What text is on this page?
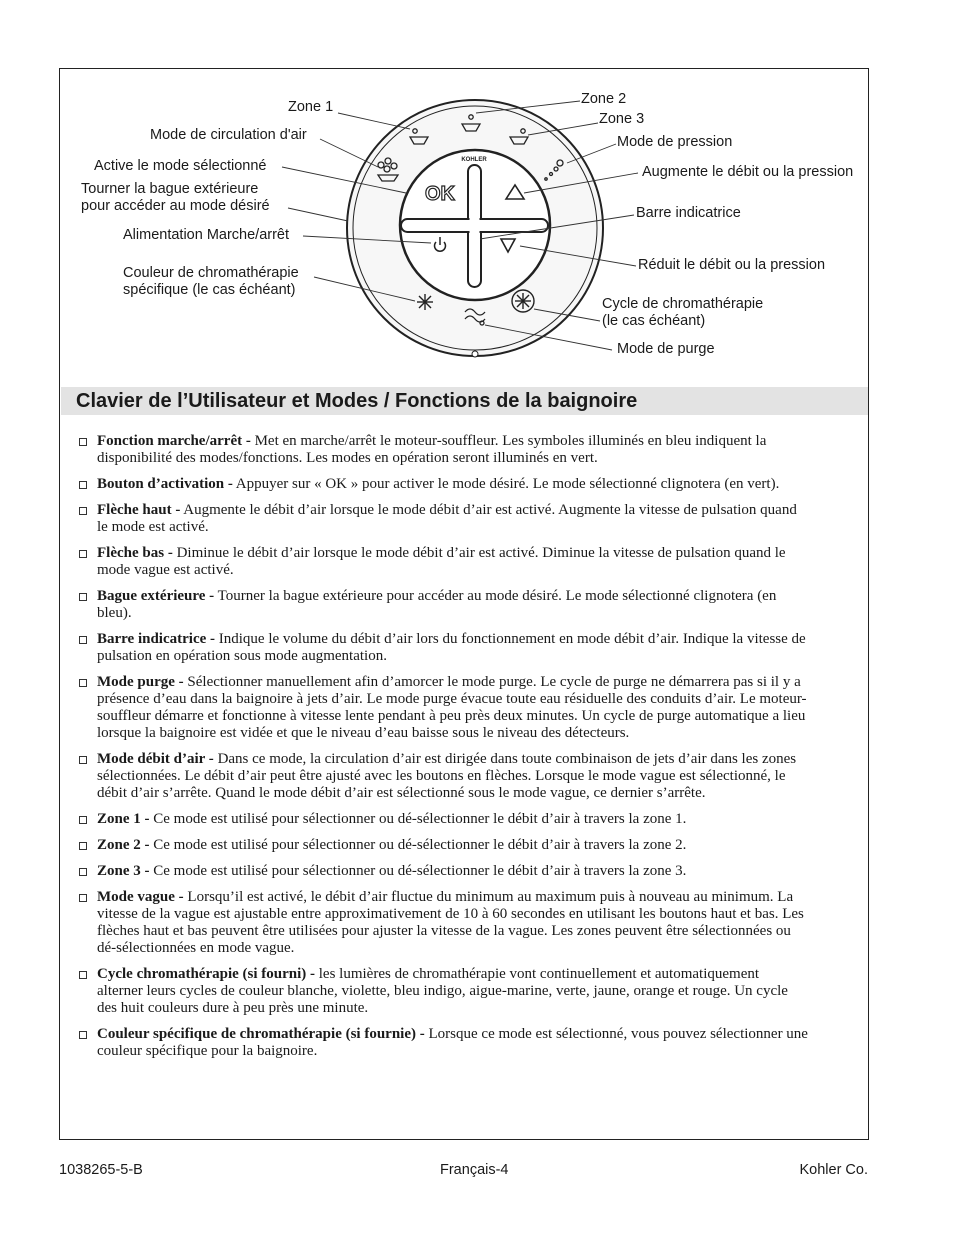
OK
KOHLER
Zone 1
Mode de circulation d'air
Active le mode sélectionné
Tourner la bague extérieure
pour accéder au mode désiré
Alimentation Marche/arrêt
Couleur de chromathérapie
spécifique (le cas échéant)
Zone 2
Zone 3
Mode de pression
Augmente le débit ou la pression
Barre indicatrice
Réduit le débit ou la pression
Cycle de chromathérapie
(le cas échéant)
Mode de purge
Clavier de l’Utilisateur et Modes / Fonctions de la baignoire
Fonction marche/arrêt - Met en marche/arrêt le moteur-souffleur. Les symboles illuminés en bleu indiquent la disponibilité des modes/fonctions. Les modes en opération seront illuminés en vert.
Bouton d’activation - Appuyer sur « OK » pour activer le mode désiré. Le mode sélectionné clignotera (en vert).
Flèche haut - Augmente le débit d’air lorsque le mode débit d’air est activé. Augmente la vitesse de pulsation quand le mode est activé.
Flèche bas - Diminue le débit d’air lorsque le mode débit d’air est activé. Diminue la vitesse de pulsation quand le mode vague est activé.
Bague extérieure - Tourner la bague extérieure pour accéder au mode désiré. Le mode sélectionné clignotera (en bleu).
Barre indicatrice - Indique le volume du débit d’air lors du fonctionnement en mode débit d’air. Indique la vitesse de pulsation en opération sous mode augmentation.
Mode purge - Sélectionner manuellement afin d’amorcer le mode purge. Le cycle de purge ne démarrera pas si il y a présence d’eau dans la baignoire à jets d’air. Le mode purge évacue toute eau résiduelle des conduits d’air. Le moteur-souffleur démarre et fonctionne à vitesse lente pendant à peu près deux minutes. Un cycle de purge automatique a lieu lorsque la baignoire est vidée et que le niveau d’eau baisse sous le niveau des détecteurs.
Mode débit d’air - Dans ce mode, la circulation d’air est dirigée dans toute combinaison de jets d’air dans les zones sélectionnées. Le débit d’air peut être ajusté avec les boutons en flèches. Lorsque le mode vague est sélectionné, le débit d’air s’arrête. Quand le mode débit d’air est sélectionné sous le mode vague, ce dernier s’arrête.
Zone 1 - Ce mode est utilisé pour sélectionner ou dé-sélectionner le débit d’air à travers la zone 1.
Zone 2 - Ce mode est utilisé pour sélectionner ou dé-sélectionner le débit d’air à travers la zone 2.
Zone 3 - Ce mode est utilisé pour sélectionner ou dé-sélectionner le débit d’air à travers la zone 3.
Mode vague - Lorsqu’il est activé, le débit d’air fluctue du minimum au maximum puis à nouveau au minimum. La vitesse de la vague est ajustable entre approximativement de 10 à 60 secondes en utilisant les boutons haut et bas. Les flèches haut et bas peuvent être utilisées pour ajuster la vitesse de la vague. Les zones peuvent être sélectionnées ou dé-sélectionnées en mode vague.
Cycle chromathérapie (si fourni) - les lumières de chromathérapie vont continuellement et automatiquement alterner leurs cycles de couleur blanche, violette, bleu indigo, aigue-marine, verte, jaune, orange et rouge. Un cycle des huit couleurs dure à peu près une minute.
Couleur spécifique de chromathérapie (si fournie) - Lorsque ce mode est sélectionné, vous pouvez sélectionner une couleur spécifique pour la baignoire.
1038265-5-B	Français-4	Kohler Co.
